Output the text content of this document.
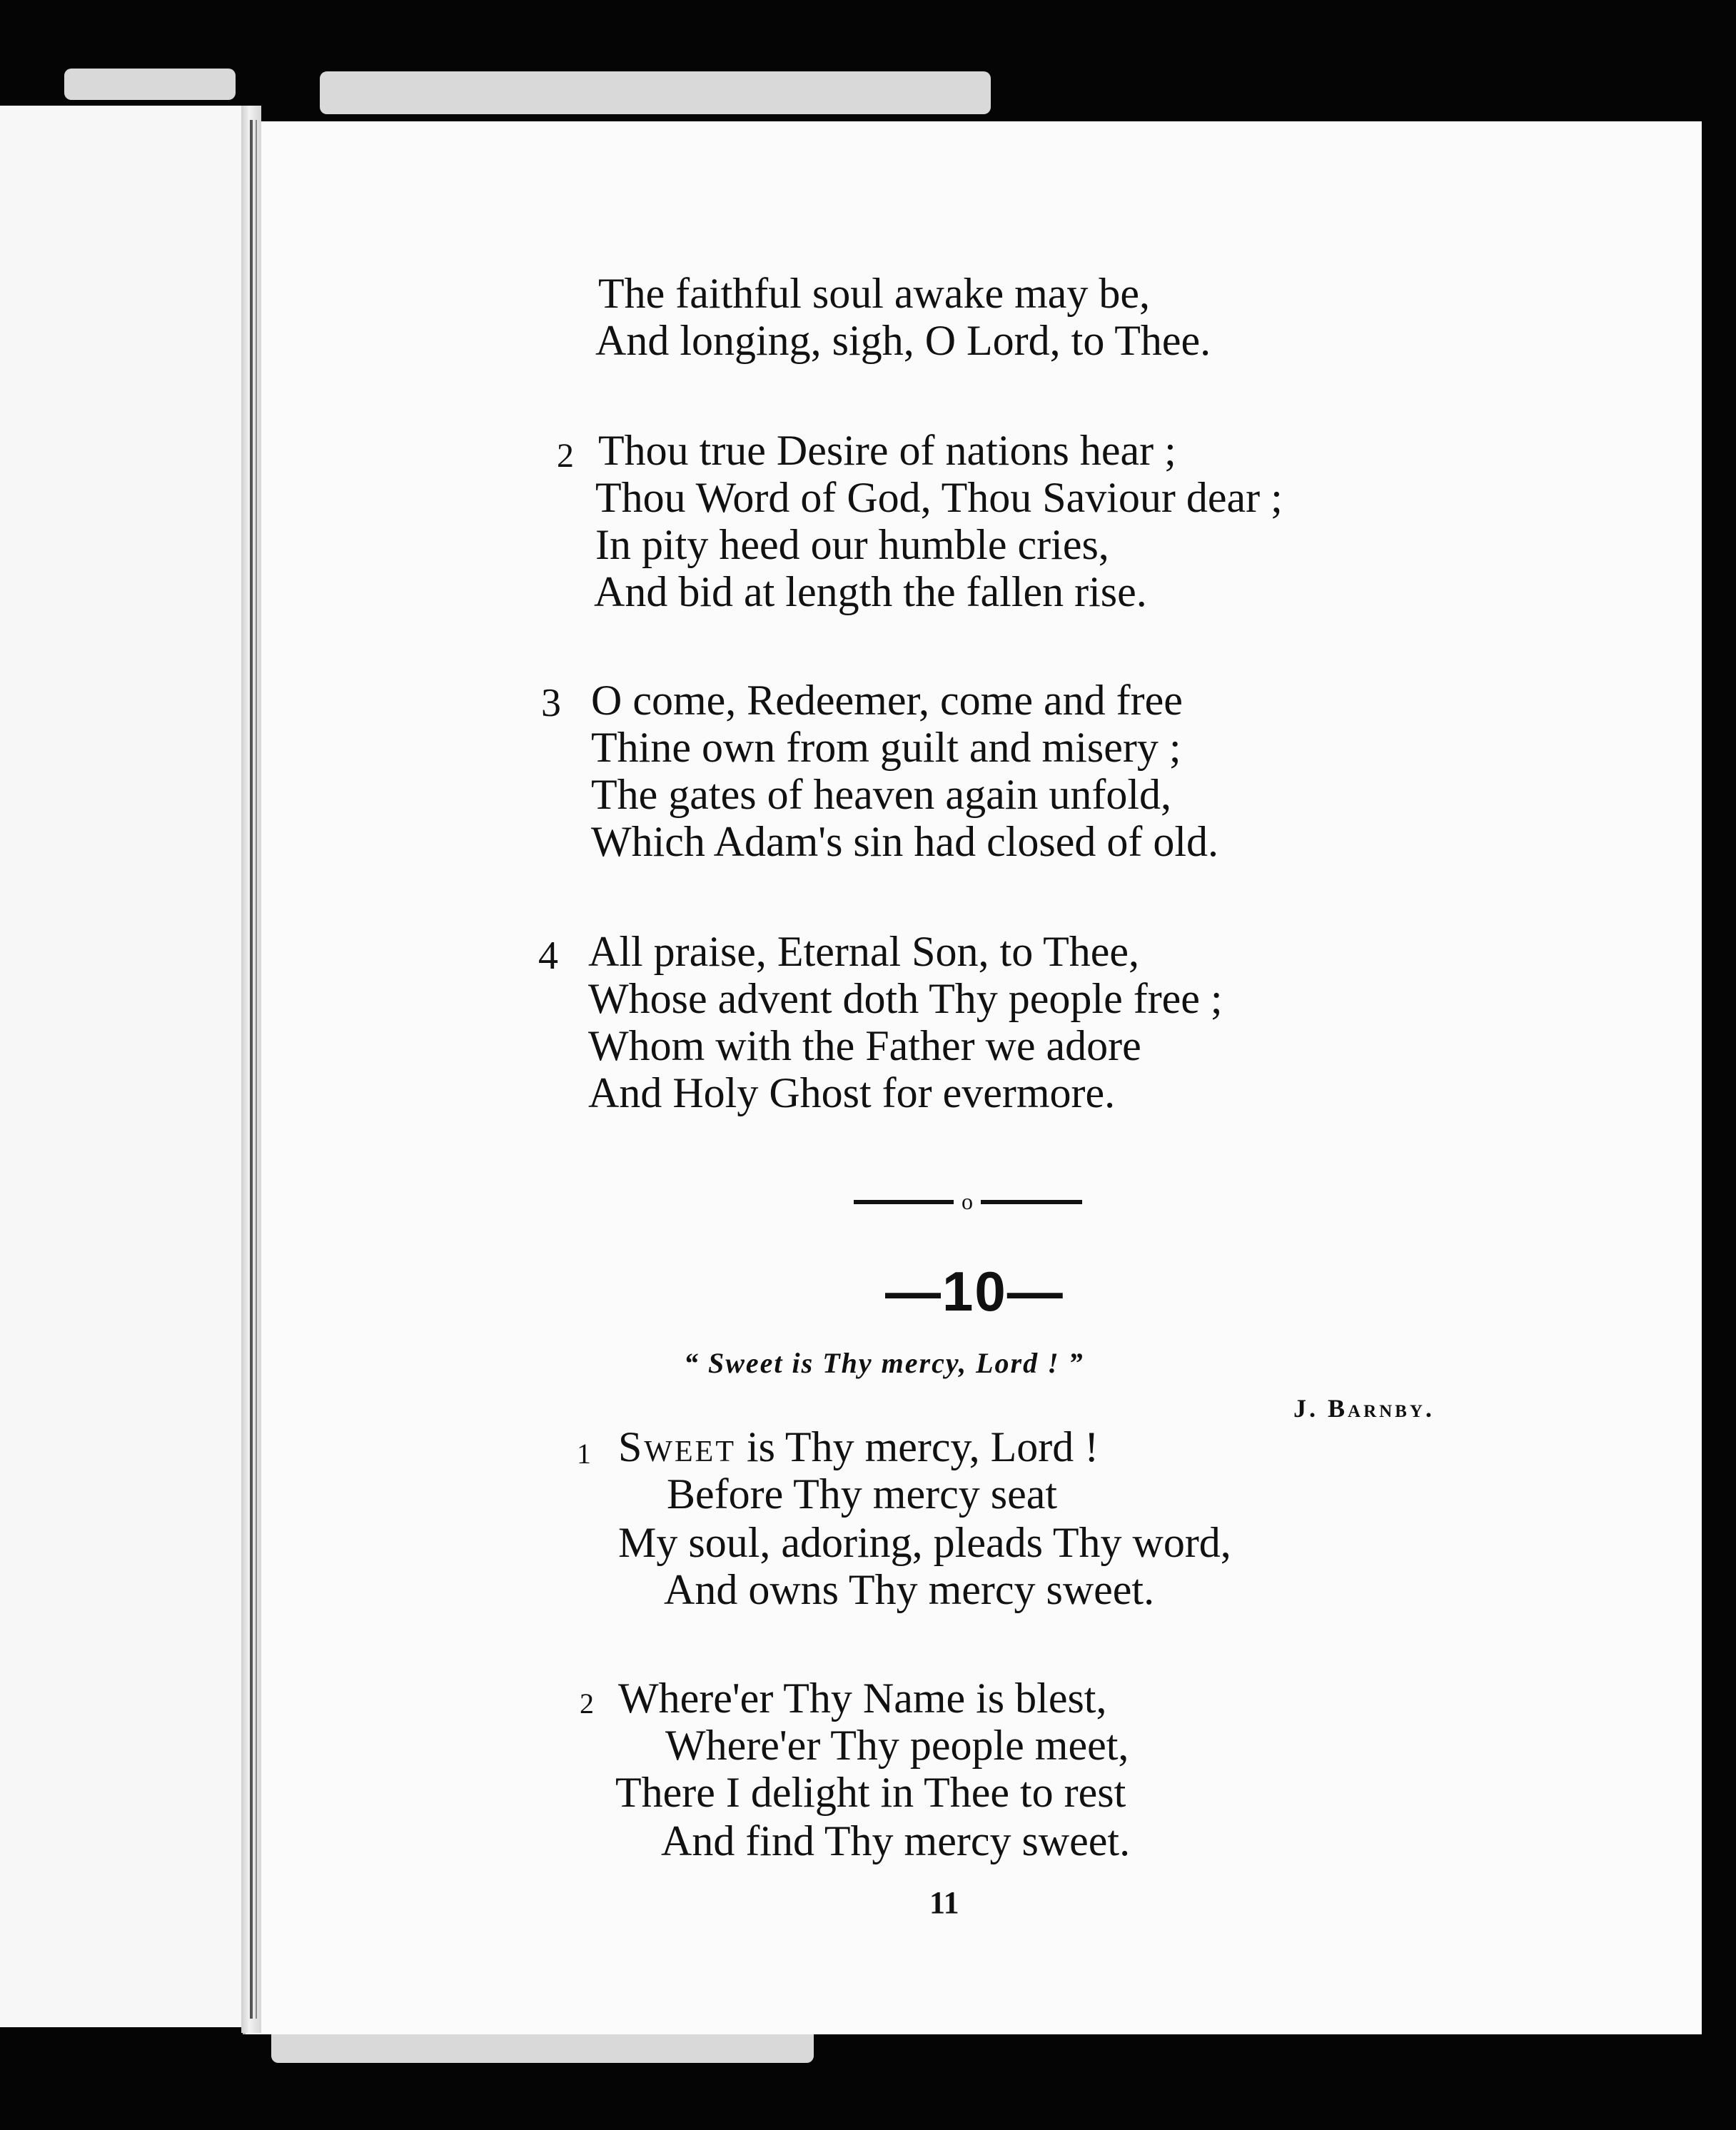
The faithful soul awake may be,
And longing, sigh, O Lord, to Thee.
2 Thou true Desire of nations hear ;
Thou Word of God, Thou Saviour dear ;
In pity heed our humble cries,
And bid at length the fallen rise.
3 O come, Redeemer, come and free
Thine own from guilt and misery ;
The gates of heaven again unfold,
Which Adam's sin had closed of old.
4 All praise, Eternal Son, to Thee,
Whose advent doth Thy people free ;
Whom with the Father we adore
And Holy Ghost for evermore.
o
—10—
“ Sweet is Thy mercy, Lord ! ”
J. Barnby.
1 Sweet is Thy mercy, Lord !
Before Thy mercy seat
My soul, adoring, pleads Thy word,
And owns Thy mercy sweet.
2 Where'er Thy Name is blest,
Where'er Thy people meet,
There I delight in Thee to rest
And find Thy mercy sweet.
11
